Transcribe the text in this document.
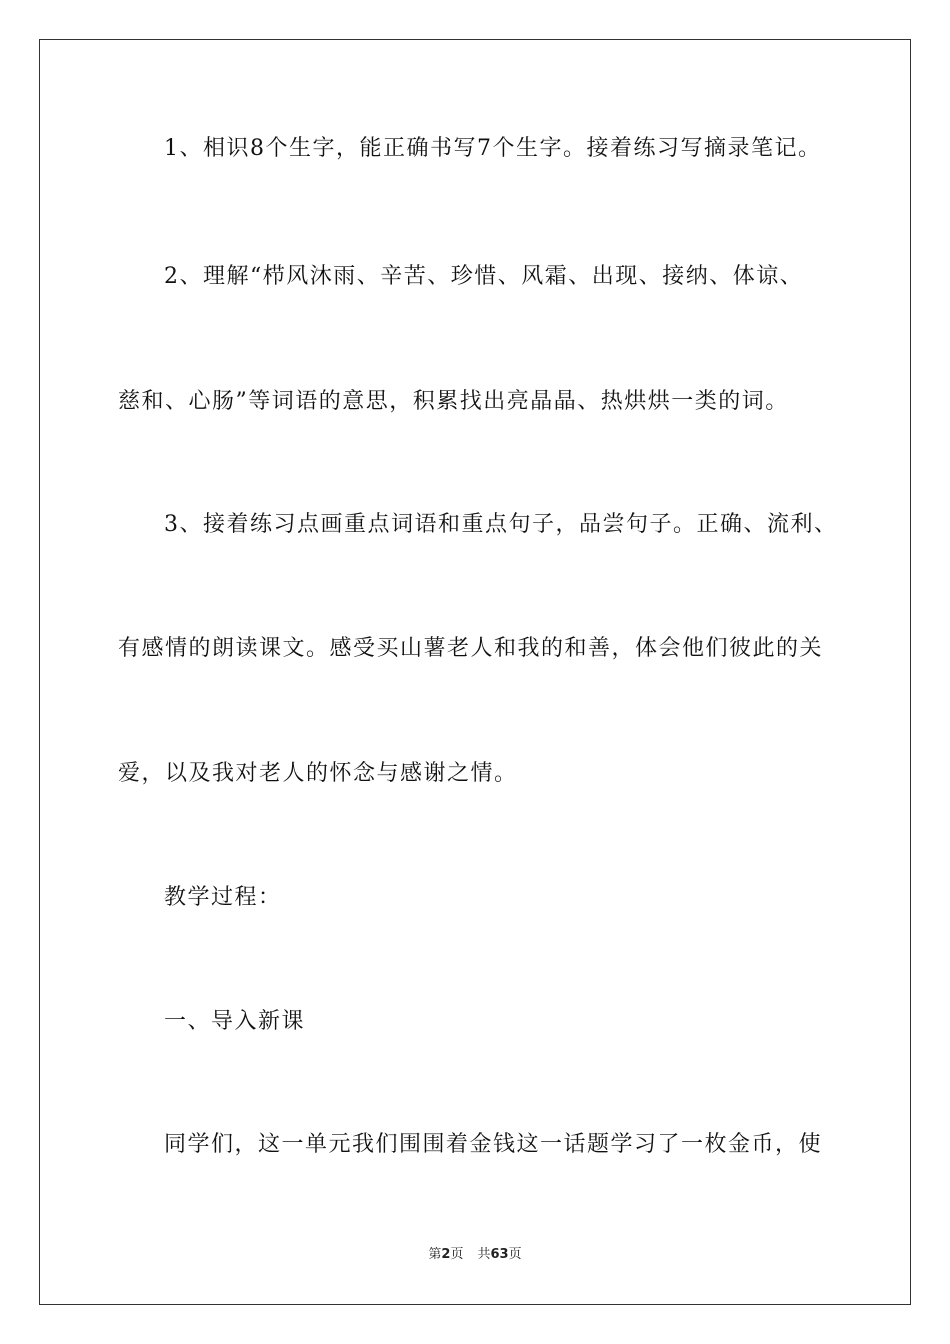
1、相识8个生字，能正确书写7个生字。接着练习写摘录笔记。
2、理解“栉风沐雨、辛苦、珍惜、风霜、出现、接纳、体谅、
慈和、心肠”等词语的意思，积累找出亮晶晶、热烘烘一类的词。
3、接着练习点画重点词语和重点句子，品尝句子。正确、流利、
有感情的朗读课文。感受买山薯老人和我的和善，体会他们彼此的关
爱，以及我对老人的怀念与感谢之情。
教学过程：
一、导入新课
同学们，这一单元我们围围着金钱这一话题学习了一枚金币，使
第2页 共63页
